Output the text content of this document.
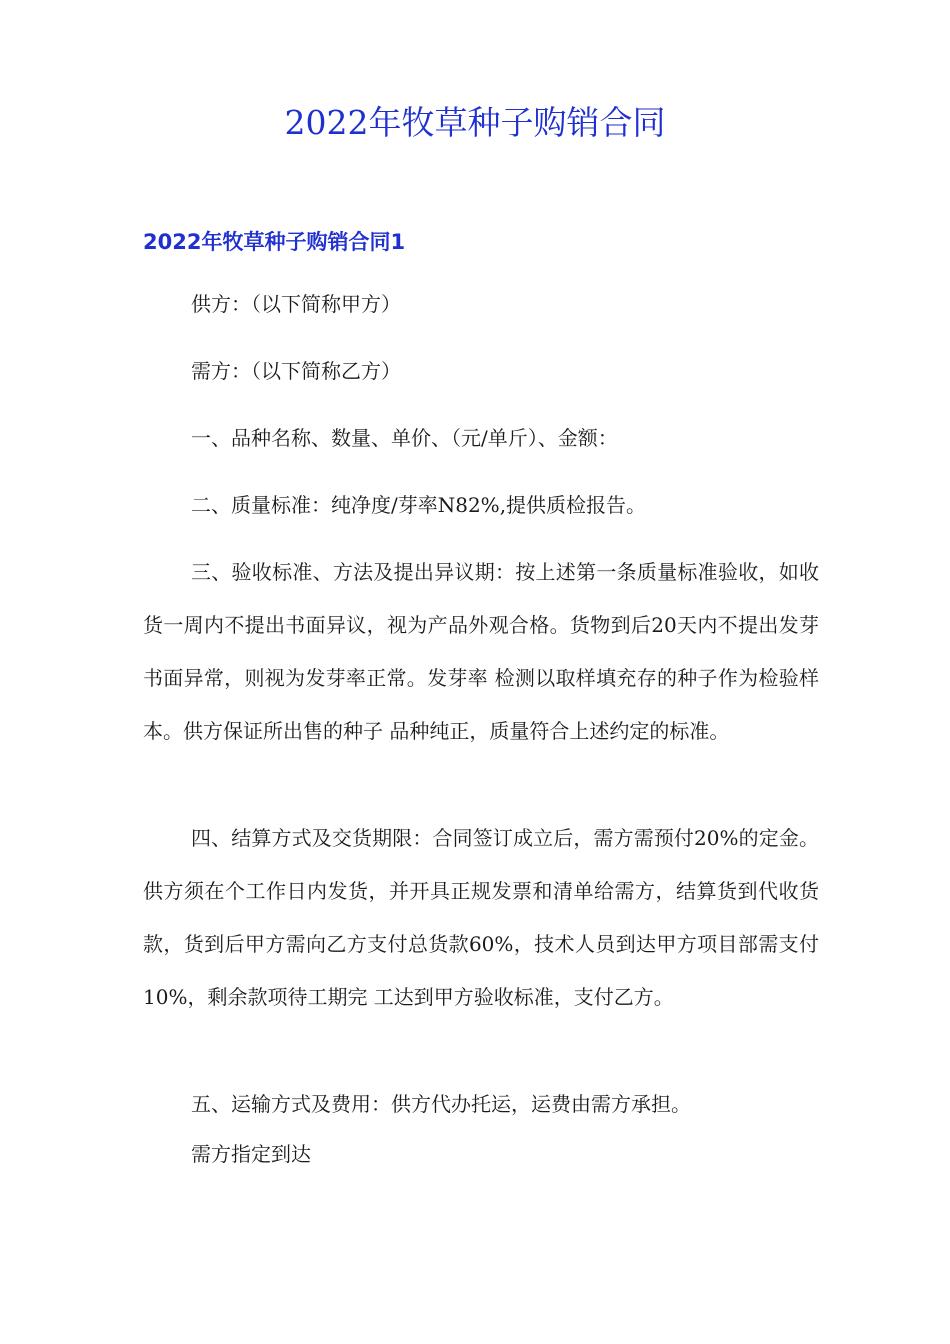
2022年牧草种子购销合同
2022年牧草种子购销合同1

供方：（以下简称甲方）

需方：（以下简称乙方）

一、品种名称、数量、单价、（元/单斤）、金额：

二、质量标准：纯净度/芽率N82%,提供质检报告。

三、验收标准、方法及提出异议期：按上述第一条质量标准验收，如收货一周内不提出书面异议，视为产品外观合格。货物到后20天内不提出发芽书面异常，则视为发芽率正常。发芽率 检测以取样填充存的种子作为检验样本。供方保证所出售的种子 品种纯正，质量符合上述约定的标准。

四、结算方式及交货期限：合同签订成立后，需方需预付20%的定金。供方须在个工作日内发货，并开具正规发票和清单给需方，结算货到代收货款，货到后甲方需向乙方支付总货款60%，技术人员到达甲方项目部需支付10%，剩余款项待工期完 工达到甲方验收标准，支付乙方。

五、运输方式及费用：供方代办托运，运费由需方承担。

需方指定到达
